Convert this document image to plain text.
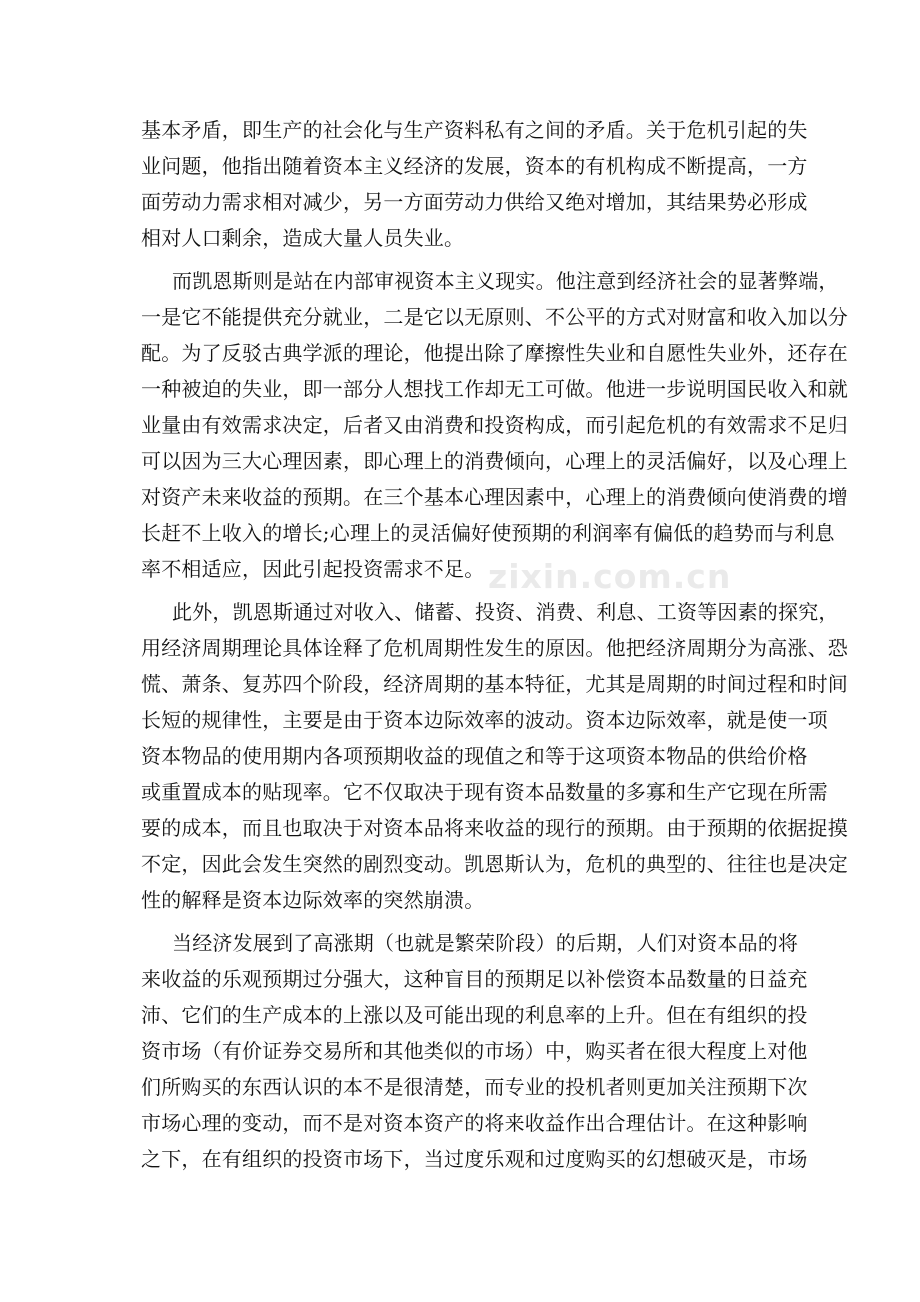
基本矛盾，即生产的社会化与生产资料私有之间的矛盾。关于危机引起的失
业问题，他指出随着资本主义经济的发展，资本的有机构成不断提高，一方
面劳动力需求相对减少，另一方面劳动力供给又绝对增加，其结果势必形成
相对人口剩余，造成大量人员失业。
而凯恩斯则是站在内部审视资本主义现实。他注意到经济社会的显著弊端，
一是它不能提供充分就业，二是它以无原则、不公平的方式对财富和收入加以分
配。为了反驳古典学派的理论，他提出除了摩擦性失业和自愿性失业外，还存在
一种被迫的失业，即一部分人想找工作却无工可做。他进一步说明国民收入和就
业量由有效需求决定，后者又由消费和投资构成，而引起危机的有效需求不足归
可以因为三大心理因素，即心理上的消费倾向，心理上的灵活偏好，以及心理上
对资产未来收益的预期。在三个基本心理因素中，心理上的消费倾向使消费的增
长赶不上收入的增长;心理上的灵活偏好使预期的利润率有偏低的趋势而与利息
率不相适应，因此引起投资需求不足。
此外，凯恩斯通过对收入、储蓄、投资、消费、利息、工资等因素的探究，
用经济周期理论具体诠释了危机周期性发生的原因。他把经济周期分为高涨、恐
慌、萧条、复苏四个阶段，经济周期的基本特征，尤其是周期的时间过程和时间
长短的规律性，主要是由于资本边际效率的波动。资本边际效率，就是使一项
资本物品的使用期内各项预期收益的现值之和等于这项资本物品的供给价格
或重置成本的贴现率。它不仅取决于现有资本品数量的多寡和生产它现在所需
要的成本，而且也取决于对资本品将来收益的现行的预期。由于预期的依据捉摸
不定，因此会发生突然的剧烈变动。凯恩斯认为，危机的典型的、往往也是决定
性的解释是资本边际效率的突然崩溃。
当经济发展到了高涨期（也就是繁荣阶段）的后期，人们对资本品的将
来收益的乐观预期过分强大，这种盲目的预期足以补偿资本品数量的日益充
沛、它们的生产成本的上涨以及可能出现的利息率的上升。但在有组织的投
资市场（有价证券交易所和其他类似的市场）中，购买者在很大程度上对他
们所购买的东西认识的本不是很清楚，而专业的投机者则更加关注预期下次
市场心理的变动，而不是对资本资产的将来收益作出合理估计。在这种影响
之下，在有组织的投资市场下，当过度乐观和过度购买的幻想破灭是，市场
zixin.com.cn
